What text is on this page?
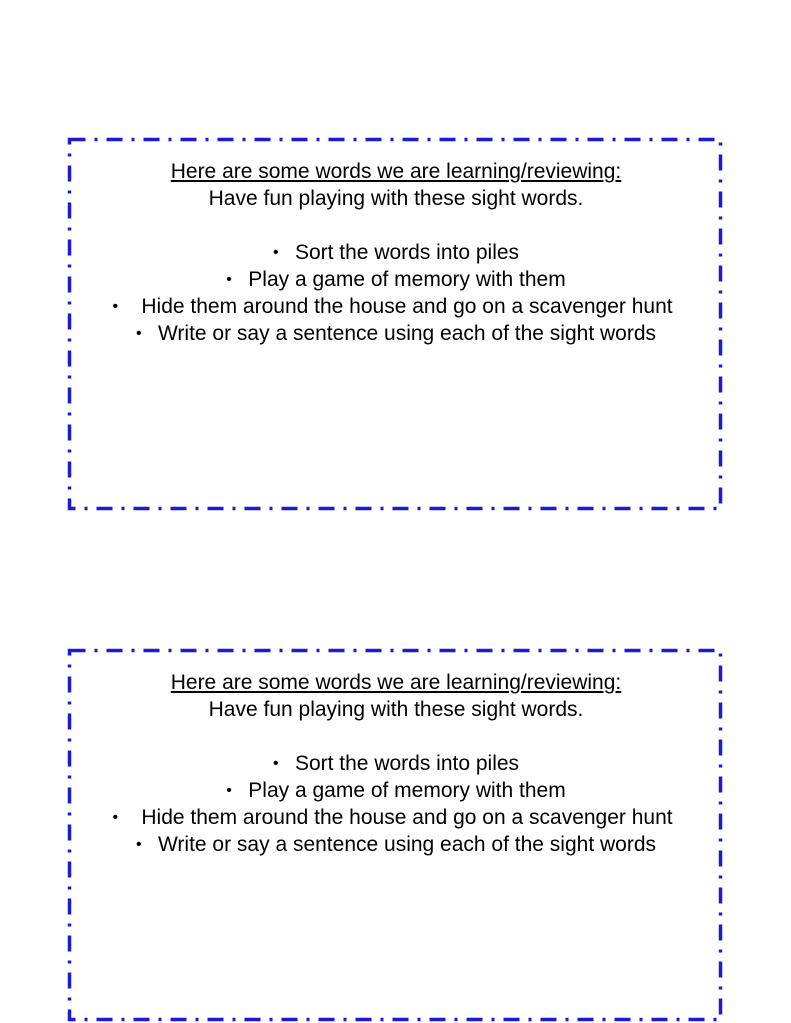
Here are some words we are learning/reviewing:
Have fun playing with these sight words.
• Sort the words into piles
• Play a game of memory with them
•	Hide them around the house and go on a scavenger hunt
• Write or say a sentence using each of the sight words
Here are some words we are learning/reviewing:
Have fun playing with these sight words.
• Sort the words into piles
• Play a game of memory with them
•	Hide them around the house and go on a scavenger hunt
• Write or say a sentence using each of the sight words
